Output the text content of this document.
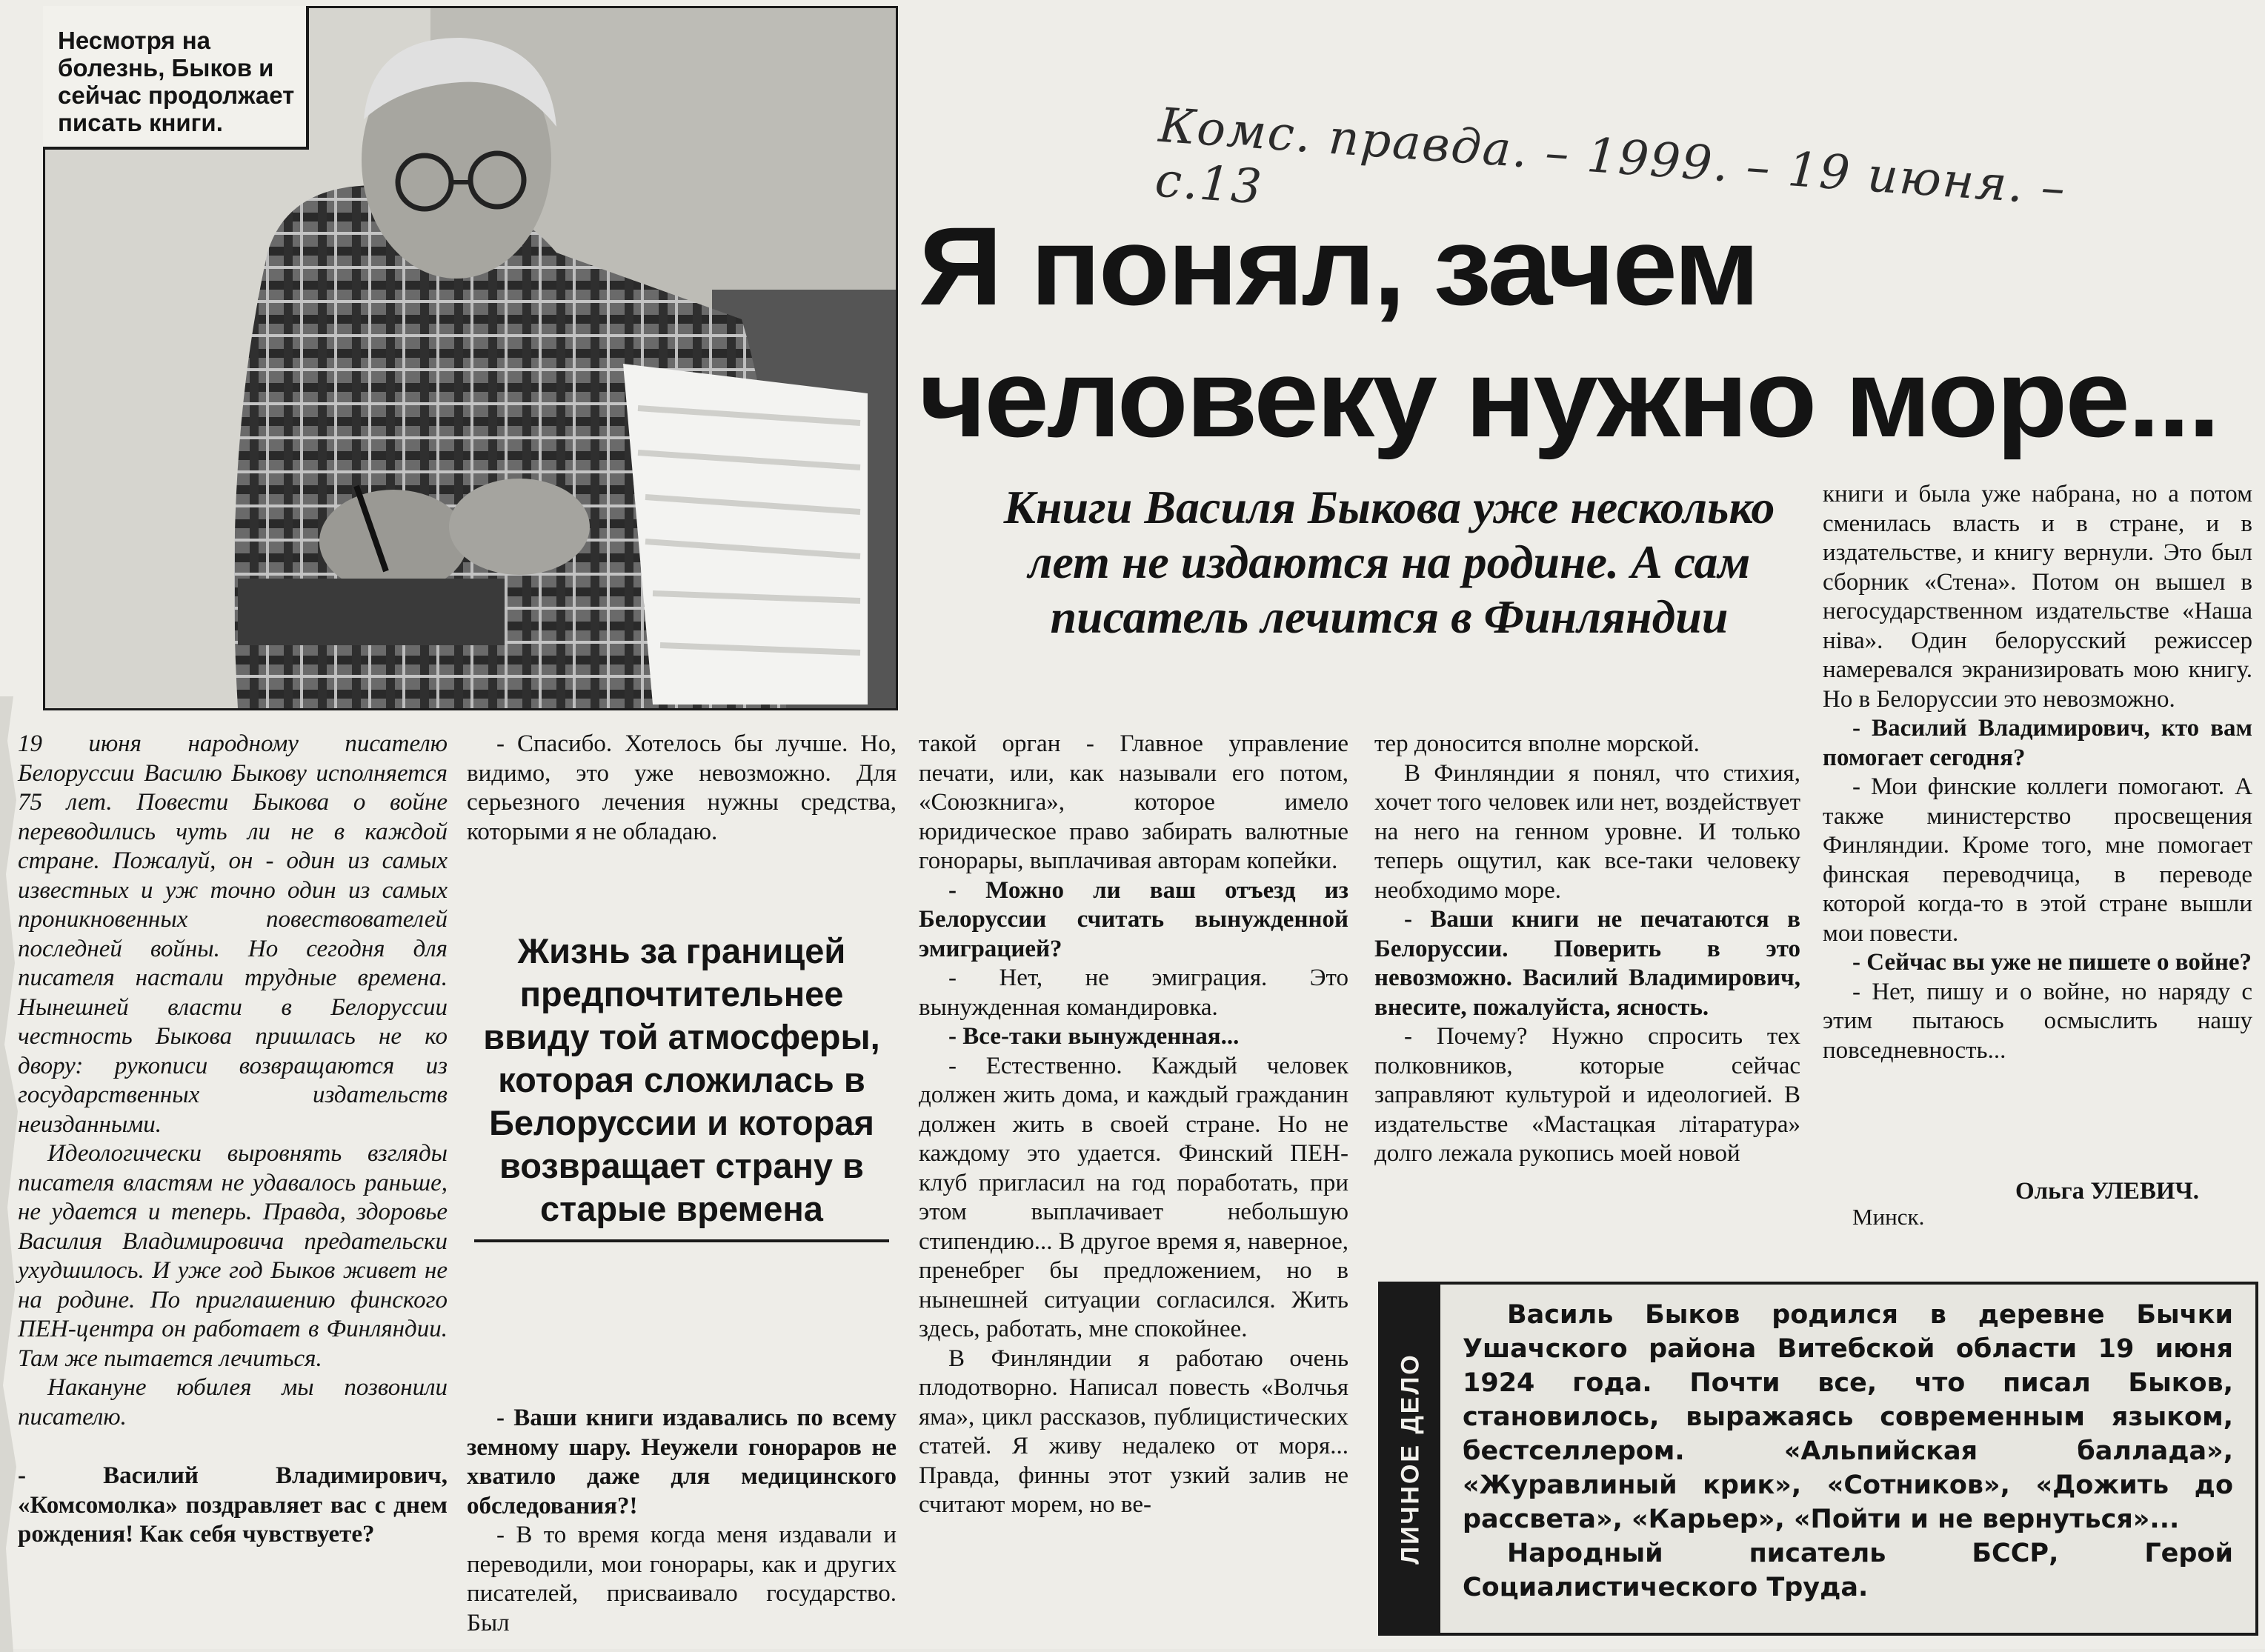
Несмотря на болезнь, Быков и сейчас продолжает писать книги.	Комс. правда. – 1999. – 19 июня. – с.13
Я понял, зачем
человеку нужно море...
Книги Василя Быкова уже несколько лет не издаются на родине. А сам писатель лечится в Финляндии

19 июня народному писателю Белоруссии Василю Быкову исполняется 75 лет. Повести Быкова о войне переводились чуть ли не в каждой стране. Пожалуй, он - один из самых известных и уж точно один из самых проникновенных повествователей последней войны. Но сегодня для писателя настали трудные времена. Нынешней власти в Белоруссии честность Быкова пришлась не ко двору: рукописи возвращаются из государственных издательств неизданными.

Идеологически выровнять взгляды писателя властям не удавалось раньше, не удается и теперь. Правда, здоровье Василия Владимировича предательски ухудшилось. И уже год Быков живет не на родине. По приглашению финского ПЕН-центра он работает в Финляндии. Там же пытается лечиться.

Накануне юбилея мы позвонили писателю.

- Василий Владимирович, «Комсомолка» поздравляет вас с днем рождения! Как себя чувствуете?

- Спасибо. Хотелось бы лучше. Но, видимо, это уже невозможно. Для серьезного лечения нужны средства, которыми я не обладаю.

Жизнь за границей предпочтительнее ввиду той атмосферы, которая сложилась в Белоруссии и которая возвращает страну в старые времена

- Ваши книги издавались по всему земному шару. Неужели гонораров не хватило даже для медицинского обследования?!

- В то время когда меня издавали и переводили, мои гонорары, как и других писателей, присваивало государство. Был

такой орган - Главное управление печати, или, как называли его потом, «Союзкнига», которое имело юридическое право забирать валютные гонорары, выплачивая авторам копейки.

- Можно ли ваш отъезд из Белоруссии считать вынужденной эмиграцией?

- Нет, не эмиграция. Это вынужденная командировка.

- Все-таки вынужденная...

- Естественно. Каждый человек должен жить дома, и каждый гражданин должен жить в своей стране. Но не каждому это удается. Финский ПЕН-клуб пригласил на год поработать, при этом выплачивает небольшую стипендию... В другое время я, наверное, пренебрег бы предложением, но в нынешней ситуации согласился. Жить здесь, работать, мне спокойнее.

В Финляндии я работаю очень плодотворно. Написал повесть «Волчья яма», цикл рассказов, публицистических статей. Я живу недалеко от моря... Правда, финны этот узкий залив не считают морем, но ве-

тер доносится вполне морской.

В Финляндии я понял, что стихия, хочет того человек или нет, воздействует на него на генном уровне. И только теперь ощутил, как все-таки человеку необходимо море.

- Ваши книги не печатаются в Белоруссии. Поверить в это невозможно. Василий Владимирович, внесите, пожалуйста, ясность.

- Почему? Нужно спросить тех полковников, которые сейчас заправляют культурой и идеологией. В издательстве «Мастацкая літаратура» долго лежала рукопись моей новой

книги и была уже набрана, но а потом сменилась власть и в стране, и в издательстве, и книгу вернули. Это был сборник «Стена». Потом он вышел в негосударственном издательстве «Наша ніва». Один белорусский режиссер намеревался экранизировать мою книгу. Но в Белоруссии это невозможно.

- Василий Владимирович, кто вам помогает сегодня?

- Мои финские коллеги помогают. А также министерство просвещения Финляндии. Кроме того, мне помогает финская переводчица, в переводе которой когда-то в этой стране вышли мои повести.

- Сейчас вы уже не пишете о войне?

- Нет, пишу и о войне, но наряду с этим пытаюсь осмыслить нашу повседневность...

Ольга УЛЕВИЧ.
Минск.
ЛИЧНОЕ ДЕЛО

Василь Быков родился в деревне Бычки Ушачского района Витебской области 19 июня 1924 года. Почти все, что писал Быков, становилось, выражаясь современным языком, бестселлером. «Альпийская баллада», «Журавлиный крик», «Сотников», «Дожить до рассвета», «Карьер», «Пойти и не вернуться»...

Народный писатель БССР, Герой Социалистического Труда.
